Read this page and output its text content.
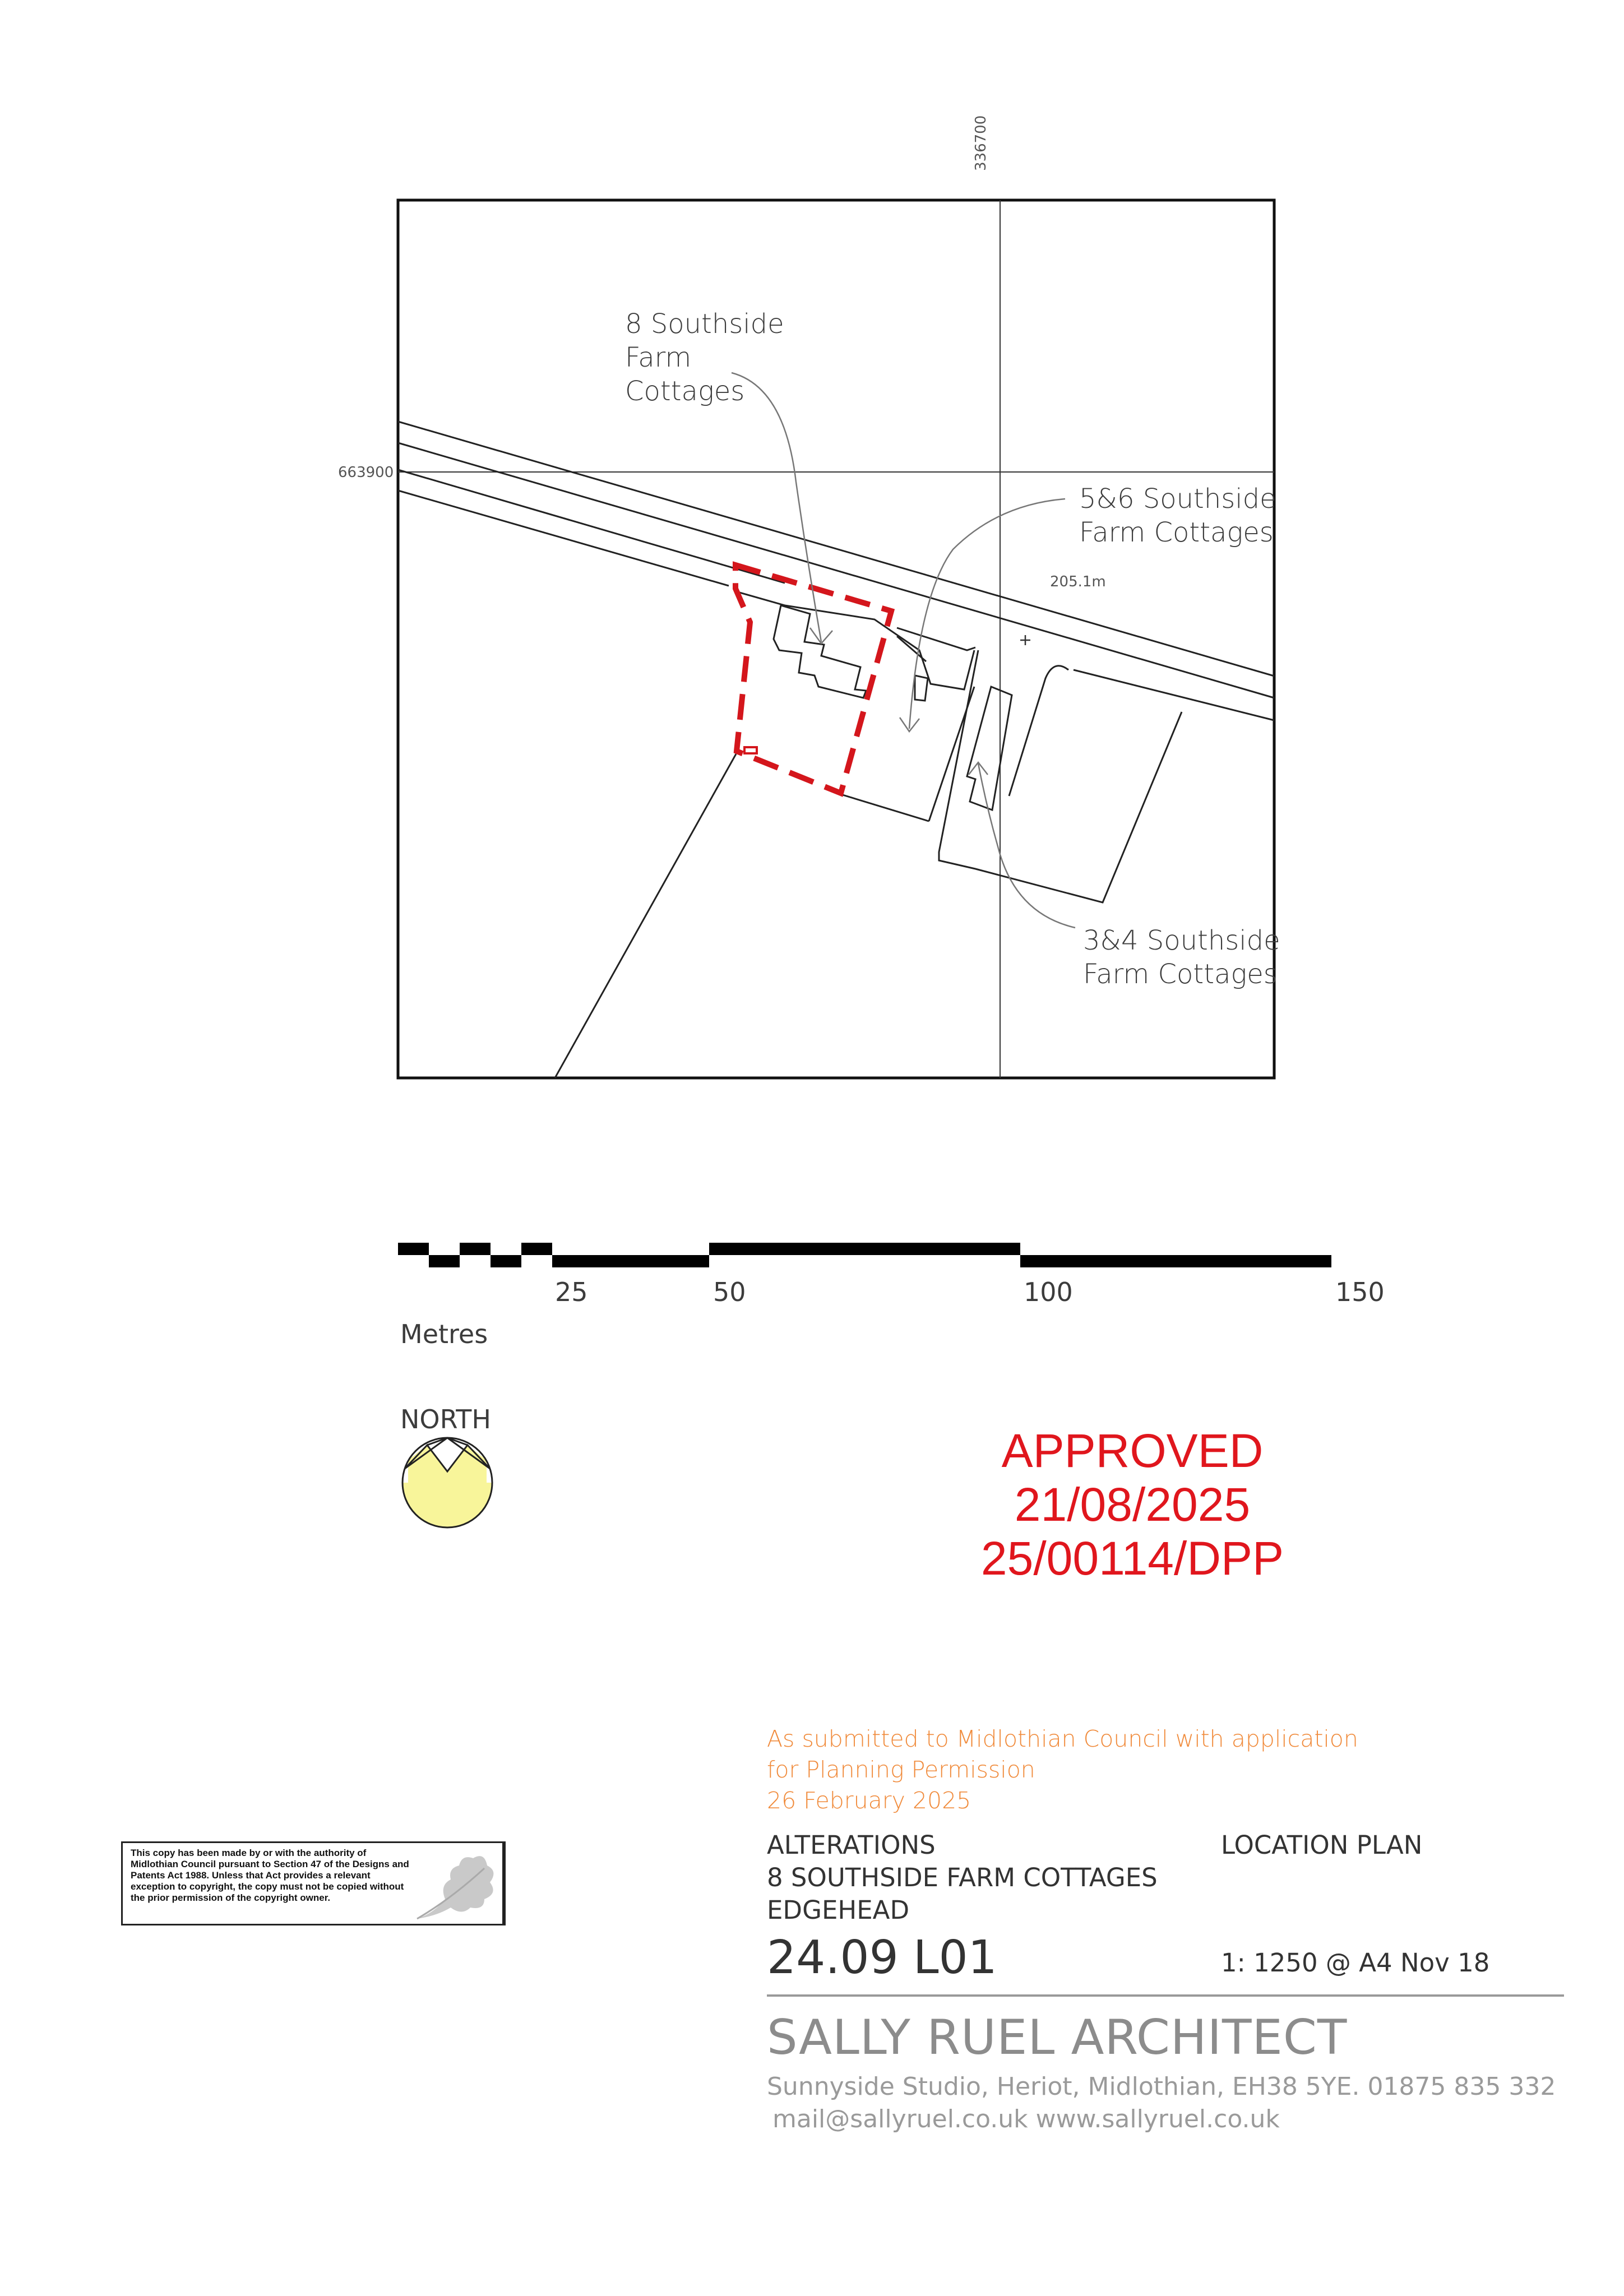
336700
663900
205.1m
8 Southside
Farm
Cottages
5&6 Southside
Farm Cottages
3&4 Southside
Farm Cottages
25	50	100	150
Metres
NORTH
APPROVED
21/08/2025
25/00114/DPP
As submitted to Midlothian Council with application
for Planning Permission
26 February 2025
ALTERATIONS
8 SOUTHSIDE FARM COTTAGES
EDGEHEAD
24.09 L01
LOCATION PLAN
1: 1250 @ A4 Nov 18
SALLY RUEL ARCHITECT
Sunnyside Studio, Heriot, Midlothian, EH38 5YE. 01875 835 332
mail@sallyruel.co.uk www.sallyruel.co.uk
This copy has been made by or with the authority of Midlothian Council pursuant to Section 47 of the Designs and Patents Act 1988. Unless that Act provides a relevant exception to copyright, the copy must not be copied without the prior permission of the copyright owner.
